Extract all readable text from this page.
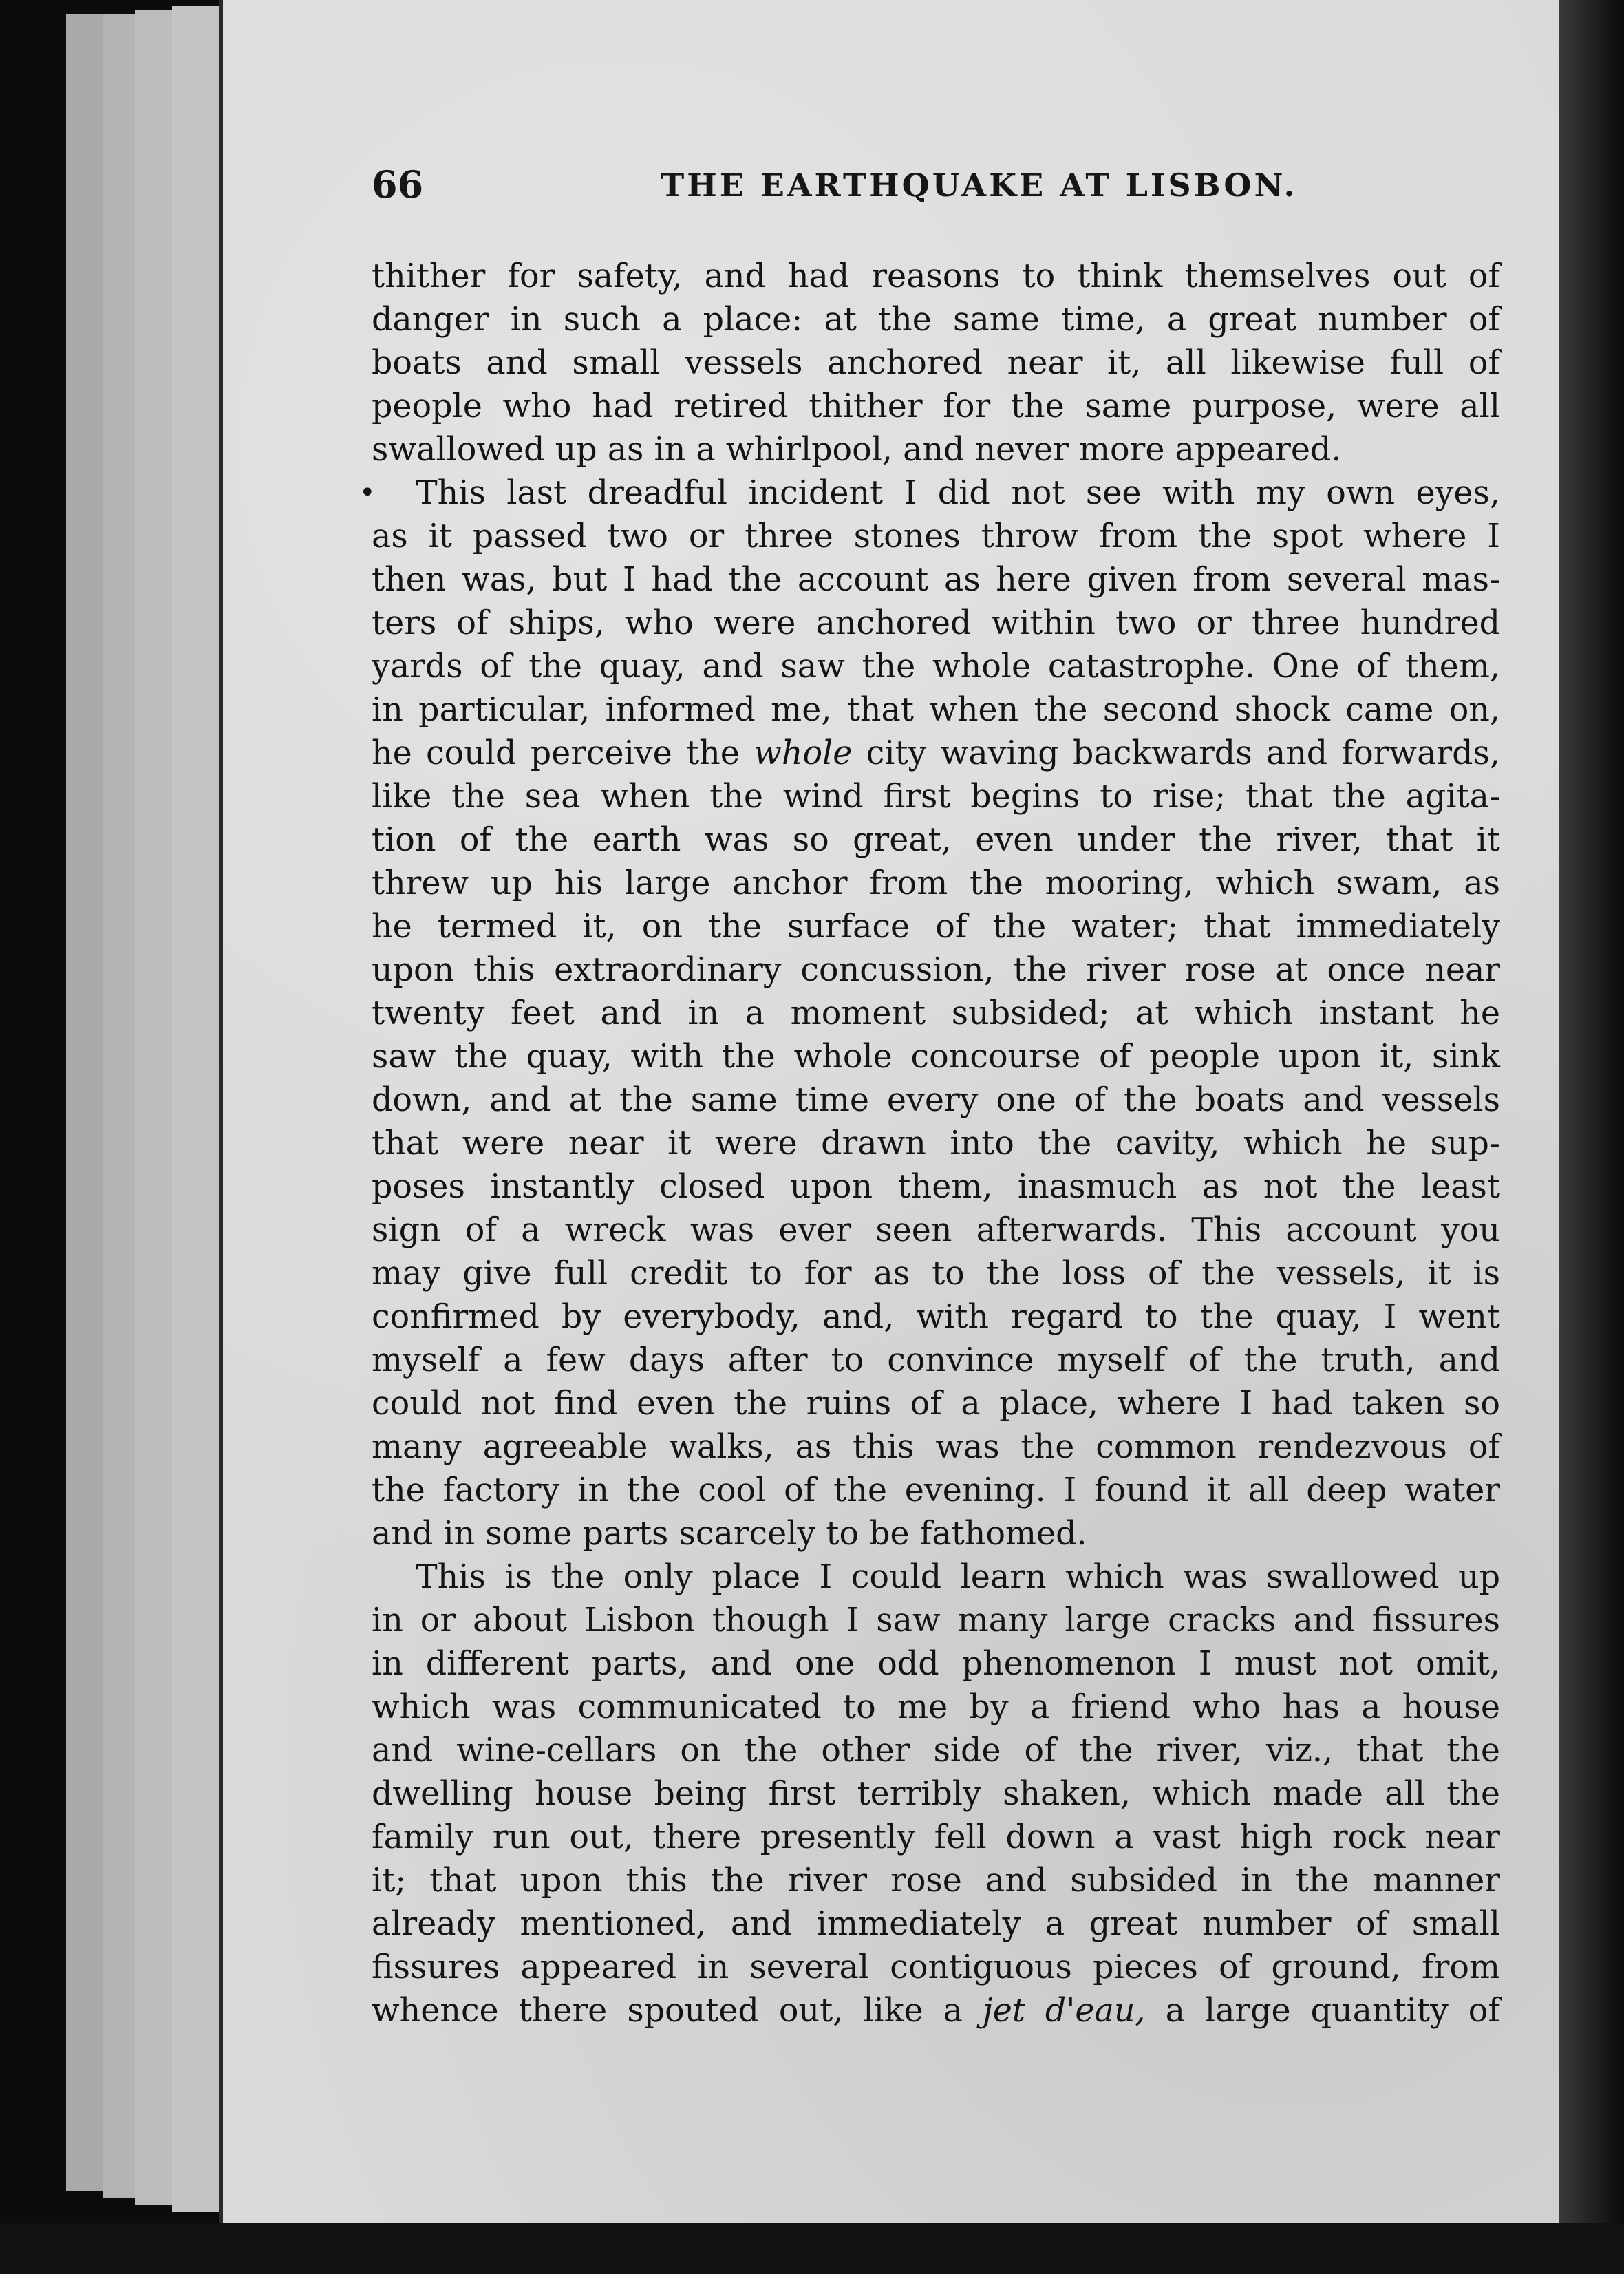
66	THE EARTHQUAKE AT LISBON.
thither for safety, and had reasons to think themselves out of
danger in such a place: at the same time, a great number of
boats and small vessels anchored near it, all likewise full of
people who had retired thither for the same purpose, were all
swallowed up as in a whirlpool, and never more appeared.
• This last dreadful incident I did not see with my own eyes,
as it passed two or three stones throw from the spot where I
then was, but I had the account as here given from several mas-
ters of ships, who were anchored within two or three hundred
yards of the quay, and saw the whole catastrophe. One of them,
in particular, informed me, that when the second shock came on,
he could perceive the whole city waving backwards and forwards,
like the sea when the wind first begins to rise; that the agita-
tion of the earth was so great, even under the river, that it
threw up his large anchor from the mooring, which swam, as
he termed it, on the surface of the water; that immediately
upon this extraordinary concussion, the river rose at once near
twenty feet and in a moment subsided; at which instant he
saw the quay, with the whole concourse of people upon it, sink
down, and at the same time every one of the boats and vessels
that were near it were drawn into the cavity, which he sup-
poses instantly closed upon them, inasmuch as not the least
sign of a wreck was ever seen afterwards. This account you
may give full credit to for as to the loss of the vessels, it is
confirmed by everybody, and, with regard to the quay, I went
myself a few days after to convince myself of the truth, and
could not find even the ruins of a place, where I had taken so
many agreeable walks, as this was the common rendezvous of
the factory in the cool of the evening. I found it all deep water
and in some parts scarcely to be fathomed.
This is the only place I could learn which was swallowed up
in or about Lisbon though I saw many large cracks and fissures
in different parts, and one odd phenomenon I must not omit,
which was communicated to me by a friend who has a house
and wine-cellars on the other side of the river, viz., that the
dwelling house being first terribly shaken, which made all the
family run out, there presently fell down a vast high rock near
it; that upon this the river rose and subsided in the manner
already mentioned, and immediately a great number of small
fissures appeared in several contiguous pieces of ground, from
whence there spouted out, like a jet d'eau, a large quantity of
